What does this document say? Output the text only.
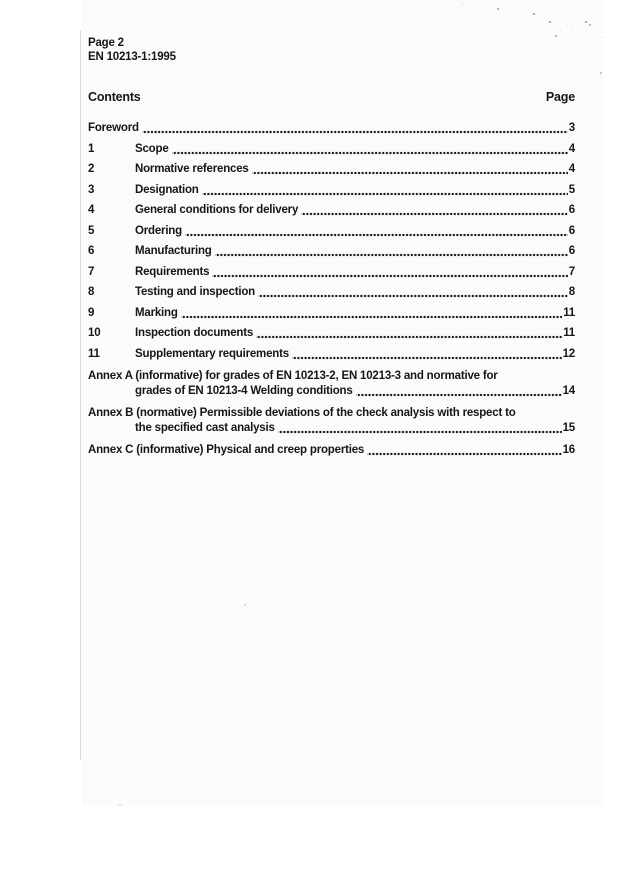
Page 2
EN 10213-1:1995
Contents	Page
Foreword	3
1	Scope	4
2	Normative references	4
3	Designation	5
4	General conditions for delivery	6
5	Ordering	6
6	Manufacturing	6
7	Requirements	7
8	Testing and inspection	8
9	Marking	11
10	Inspection documents	11
11	Supplementary requirements	12
Annex A (informative) for grades of EN 10213-2, EN 10213-3 and normative for
grades of EN 10213-4 Welding conditions	14
Annex B (normative) Permissible deviations of the check analysis with respect to
the specified cast analysis	15
Annex C (informative) Physical and creep properties	16
